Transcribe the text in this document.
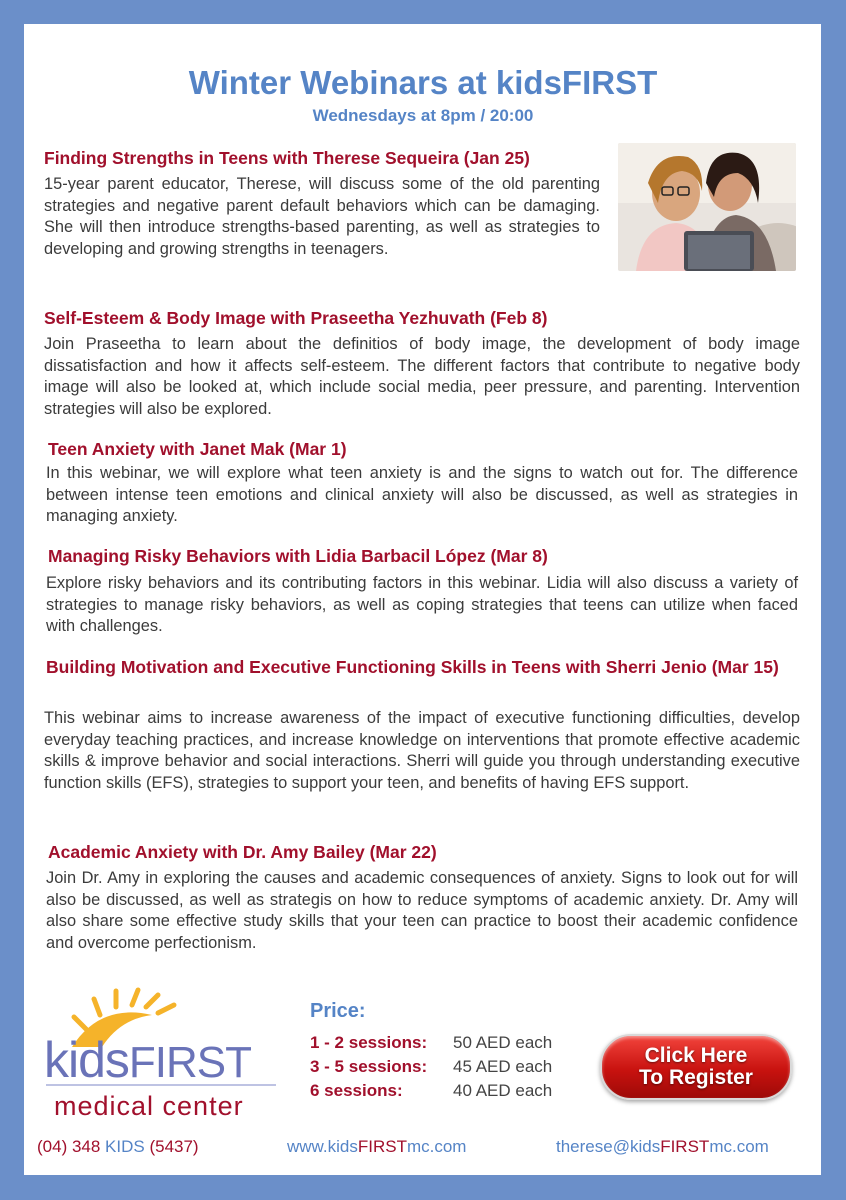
Winter Webinars at kidsFIRST
Wednesdays at 8pm / 20:00
Finding Strengths in Teens with Therese Sequeira (Jan 25)
15-year parent educator, Therese, will discuss some of the old parenting strategies and negative parent default behaviors which can be damaging. She will then introduce strengths-based parenting, as well as strategies to developing and growing strengths in teenagers.
Self-Esteem & Body Image with Praseetha Yezhuvath (Feb 8)
Join Praseetha to learn about the definitios of body image, the development of body image dissatisfaction and how it affects self-esteem. The different factors that contribute to negative body image will also be looked at, which include social media, peer pressure, and parenting. Intervention strategies will also be explored.
Teen Anxiety with Janet Mak (Mar 1)
In this webinar, we will explore what teen anxiety is and the signs to watch out for. The difference between intense teen emotions and clinical anxiety will also be discussed, as well as strategies in managing anxiety.
Managing Risky Behaviors with Lidia Barbacil López (Mar 8)
Explore risky behaviors and its contributing factors in this webinar. Lidia will also discuss a variety of strategies to manage risky behaviors, as well as coping strategies that teens can utilize when faced with challenges.
Building Motivation and Executive Functioning Skills in Teens with Sherri Jenio (Mar 15)
This webinar aims to increase awareness of the impact of executive functioning difficulties, develop everyday teaching practices, and increase knowledge on interventions that promote effective academic skills & improve behavior and social interactions. Sherri will guide you through understanding executive function skills (EFS), strategies to support your teen, and benefits of having EFS support.
Academic Anxiety with Dr. Amy Bailey (Mar 22)
Join Dr. Amy in exploring the causes and academic consequences of anxiety. Signs to look out for will also be discussed, as well as strategis on how to reduce symptoms of academic anxiety. Dr. Amy will also share some effective study skills that your teen can practice to boost their academic confidence and overcome perfectionism.
kidsFIRST
medical center
Price:
1 - 2 sessions: 50 AED each
3 - 5 sessions: 45 AED each
6 sessions:	40 AED each
Click Here
To Register
(04) 348 KIDS (5437)	www.kidsFIRSTmc.com	therese@kidsFIRSTmc.com
